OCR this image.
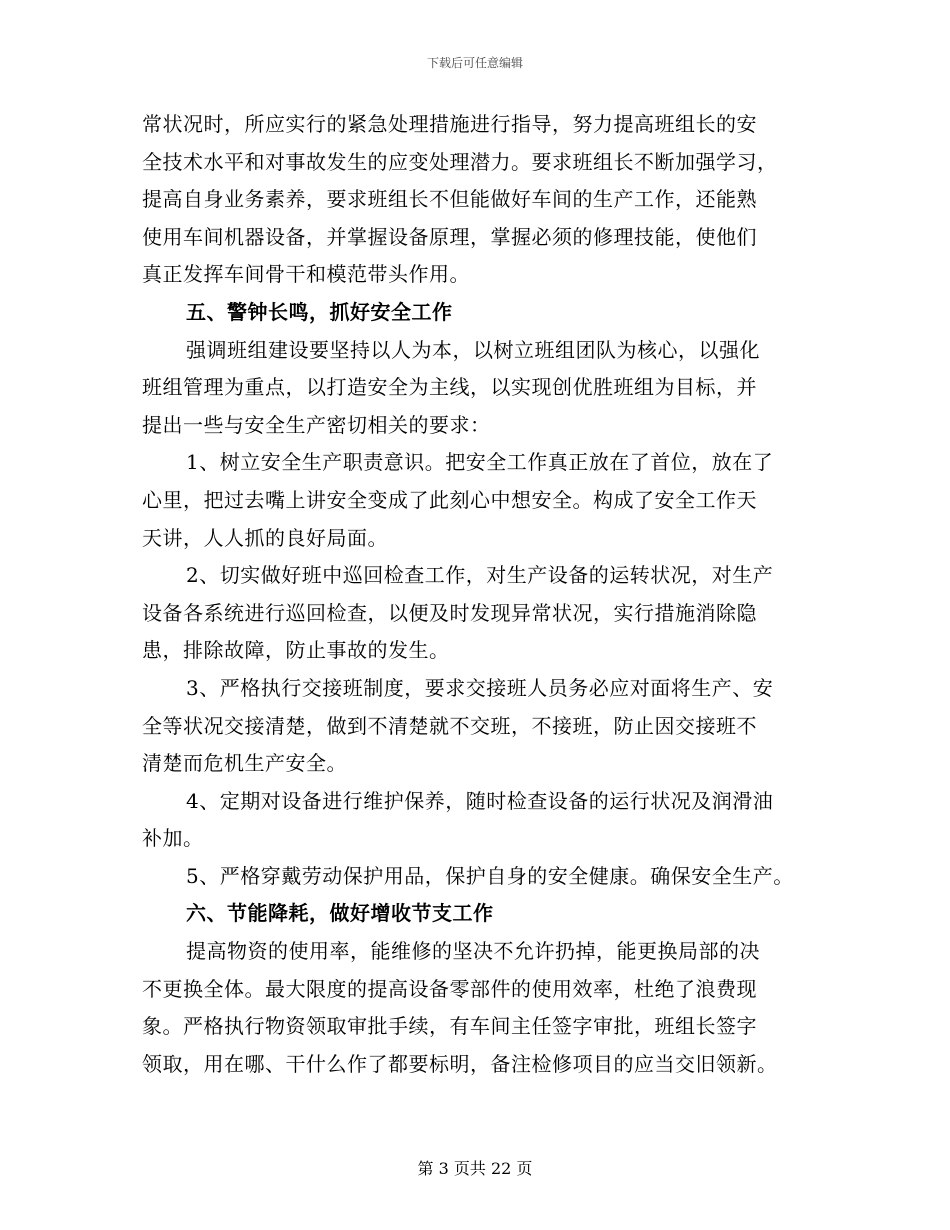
下载后可任意编辑
常状况时，所应实行的紧急处理措施进行指导，努力提高班组长的安
全技术水平和对事故发生的应变处理潜力。要求班组长不断加强学习，
提高自身业务素养，要求班组长不但能做好车间的生产工作，还能熟
使用车间机器设备，并掌握设备原理，掌握必须的修理技能，使他们
真正发挥车间骨干和模范带头作用。
五、警钟长鸣，抓好安全工作
强调班组建设要坚持以人为本，以树立班组团队为核心，以强化
班组管理为重点，以打造安全为主线，以实现创优胜班组为目标，并
提出一些与安全生产密切相关的要求：
1、树立安全生产职责意识。把安全工作真正放在了首位，放在了
心里，把过去嘴上讲安全变成了此刻心中想安全。构成了安全工作天
天讲，人人抓的良好局面。
2、切实做好班中巡回检查工作，对生产设备的运转状况，对生产
设备各系统进行巡回检查，以便及时发现异常状况，实行措施消除隐
患，排除故障，防止事故的发生。
3、严格执行交接班制度，要求交接班人员务必应对面将生产、安
全等状况交接清楚，做到不清楚就不交班，不接班，防止因交接班不
清楚而危机生产安全。
4、定期对设备进行维护保养，随时检查设备的运行状况及润滑油
补加。
5、严格穿戴劳动保护用品，保护自身的安全健康。确保安全生产。
六、节能降耗，做好增收节支工作
提高物资的使用率，能维修的坚决不允许扔掉，能更换局部的决
不更换全体。最大限度的提高设备零部件的使用效率，杜绝了浪费现
象。严格执行物资领取审批手续，有车间主任签字审批，班组长签字
领取，用在哪、干什么作了都要标明，备注检修项目的应当交旧领新。
第 3 页共 22 页
